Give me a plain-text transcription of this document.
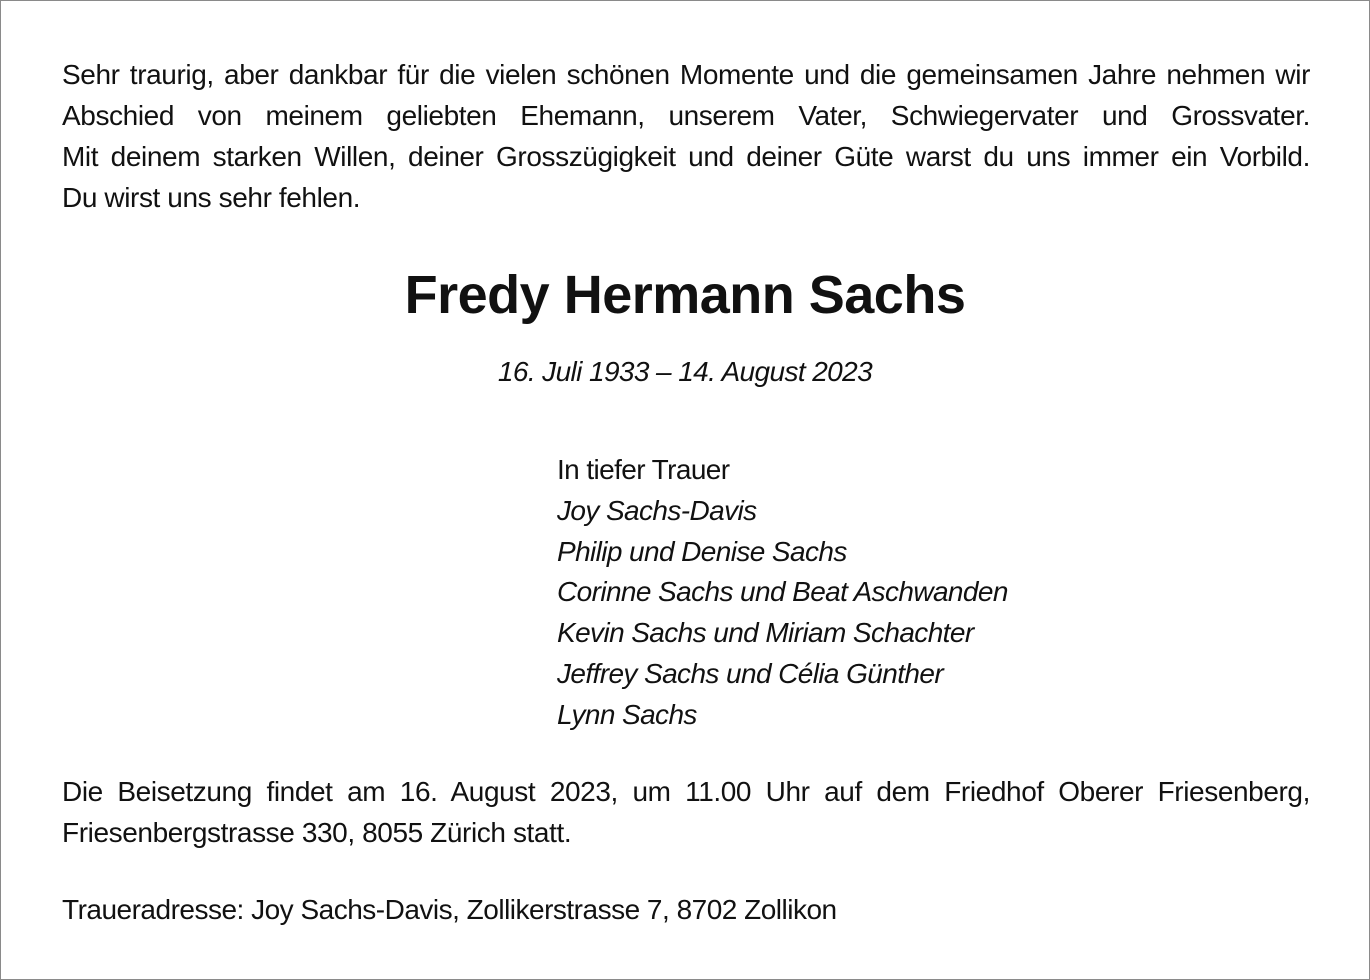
Sehr traurig, aber dankbar für die vielen schönen Momente und die gemeinsamen Jahre nehmen wir
Abschied von meinem geliebten Ehemann, unserem Vater, Schwiegervater und Grossvater.
Mit deinem starken Willen, deiner Grosszügigkeit und deiner Güte warst du uns immer ein Vorbild.
Du wirst uns sehr fehlen.
Fredy Hermann Sachs
16. Juli 1933 – 14. August 2023
In tiefer Trauer
Joy Sachs-Davis
Philip und Denise Sachs
Corinne Sachs und Beat Aschwanden
Kevin Sachs und Miriam Schachter
Jeffrey Sachs und Célia Günther
Lynn Sachs
Die Beisetzung findet am 16. August 2023, um 11.00 Uhr auf dem Friedhof Oberer Friesenberg,
Friesenbergstrasse 330, 8055 Zürich statt.
Traueradresse: Joy Sachs-Davis, Zollikerstrasse 7, 8702 Zollikon
